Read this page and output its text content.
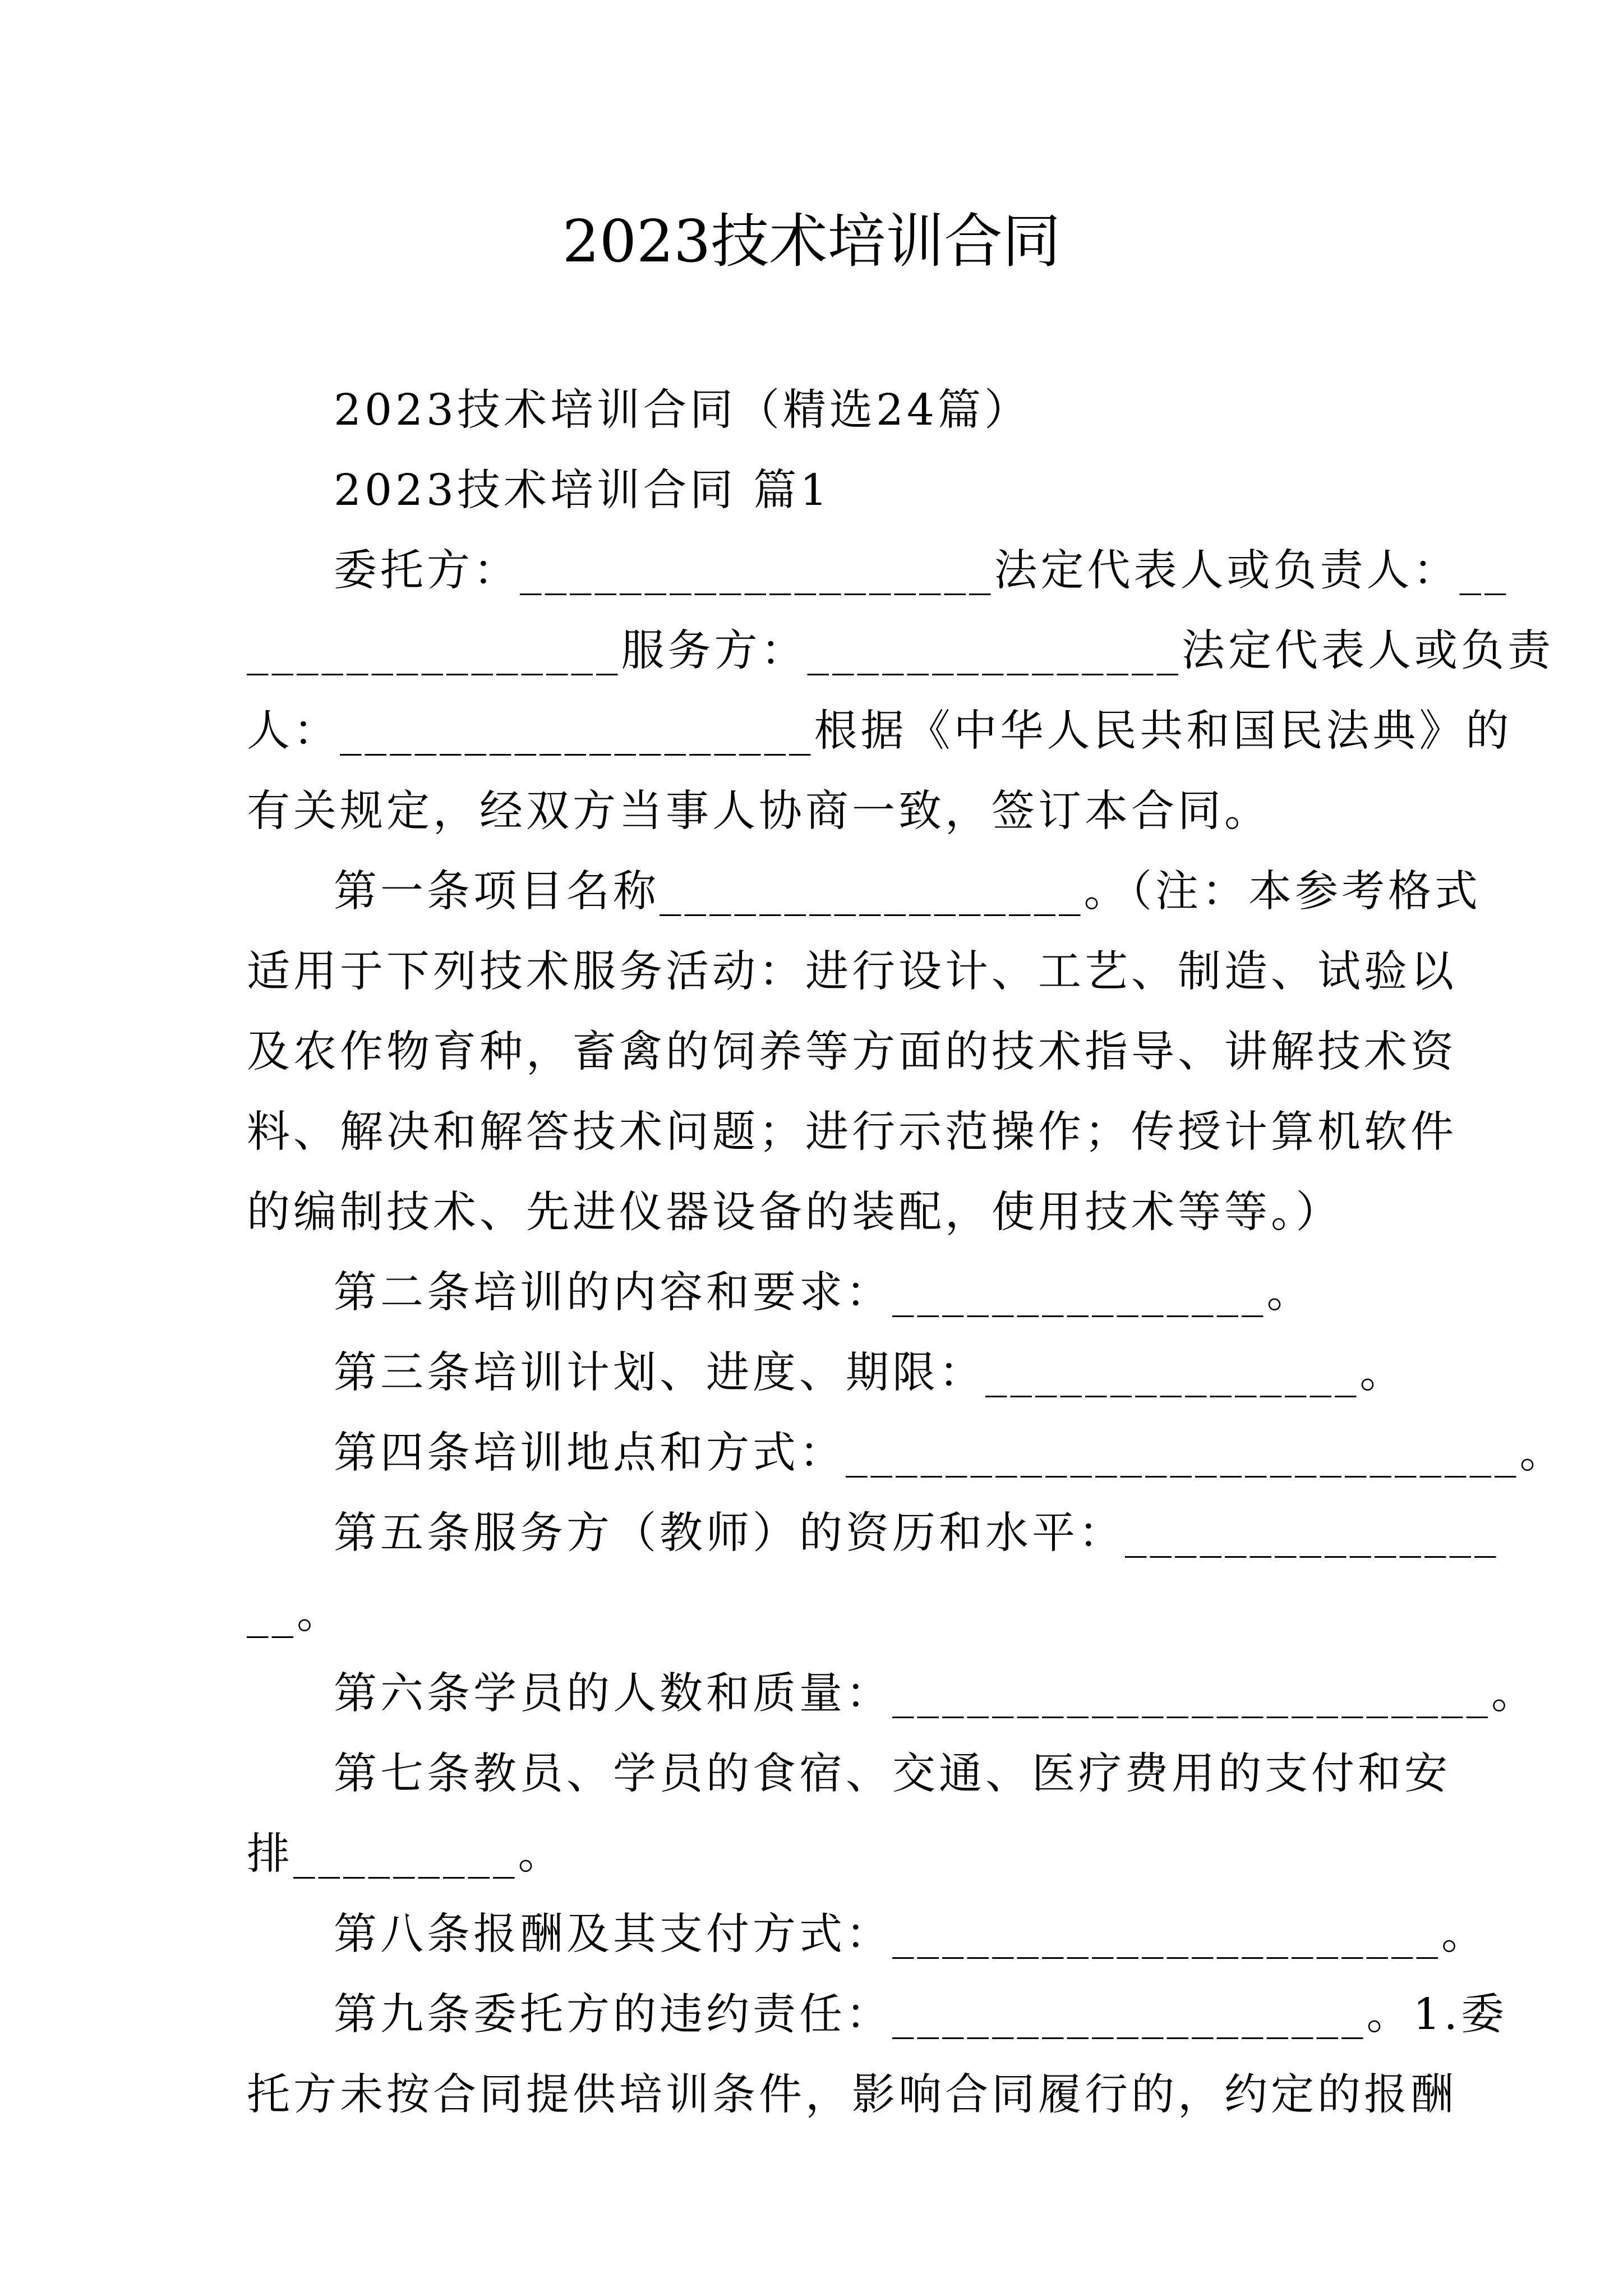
2023技术培训合同
2023技术培训合同（精选24篇）
2023技术培训合同 篇1
委托方：___________________法定代表人或负责人：__
_______________服务方：_______________法定代表人或负责
人：___________________根据《中华人民共和国民法典》的
有关规定，经双方当事人协商一致，签订本合同。
第一条项目名称_________________。（注：本参考格式
适用于下列技术服务活动：进行设计、工艺、制造、试验以
及农作物育种，畜禽的饲养等方面的技术指导、讲解技术资
料、解决和解答技术问题；进行示范操作；传授计算机软件
的编制技术、先进仪器设备的装配，使用技术等等。）
第二条培训的内容和要求：_______________。
第三条培训计划、进度、期限：_______________。
第四条培训地点和方式：___________________________。
第五条服务方（教师）的资历和水平：_______________
__。
第六条学员的人数和质量：________________________。
第七条教员、学员的食宿、交通、医疗费用的支付和安
排_________。
第八条报酬及其支付方式：______________________。
第九条委托方的违约责任：___________________。1.委
托方未按合同提供培训条件，影响合同履行的，约定的报酬
